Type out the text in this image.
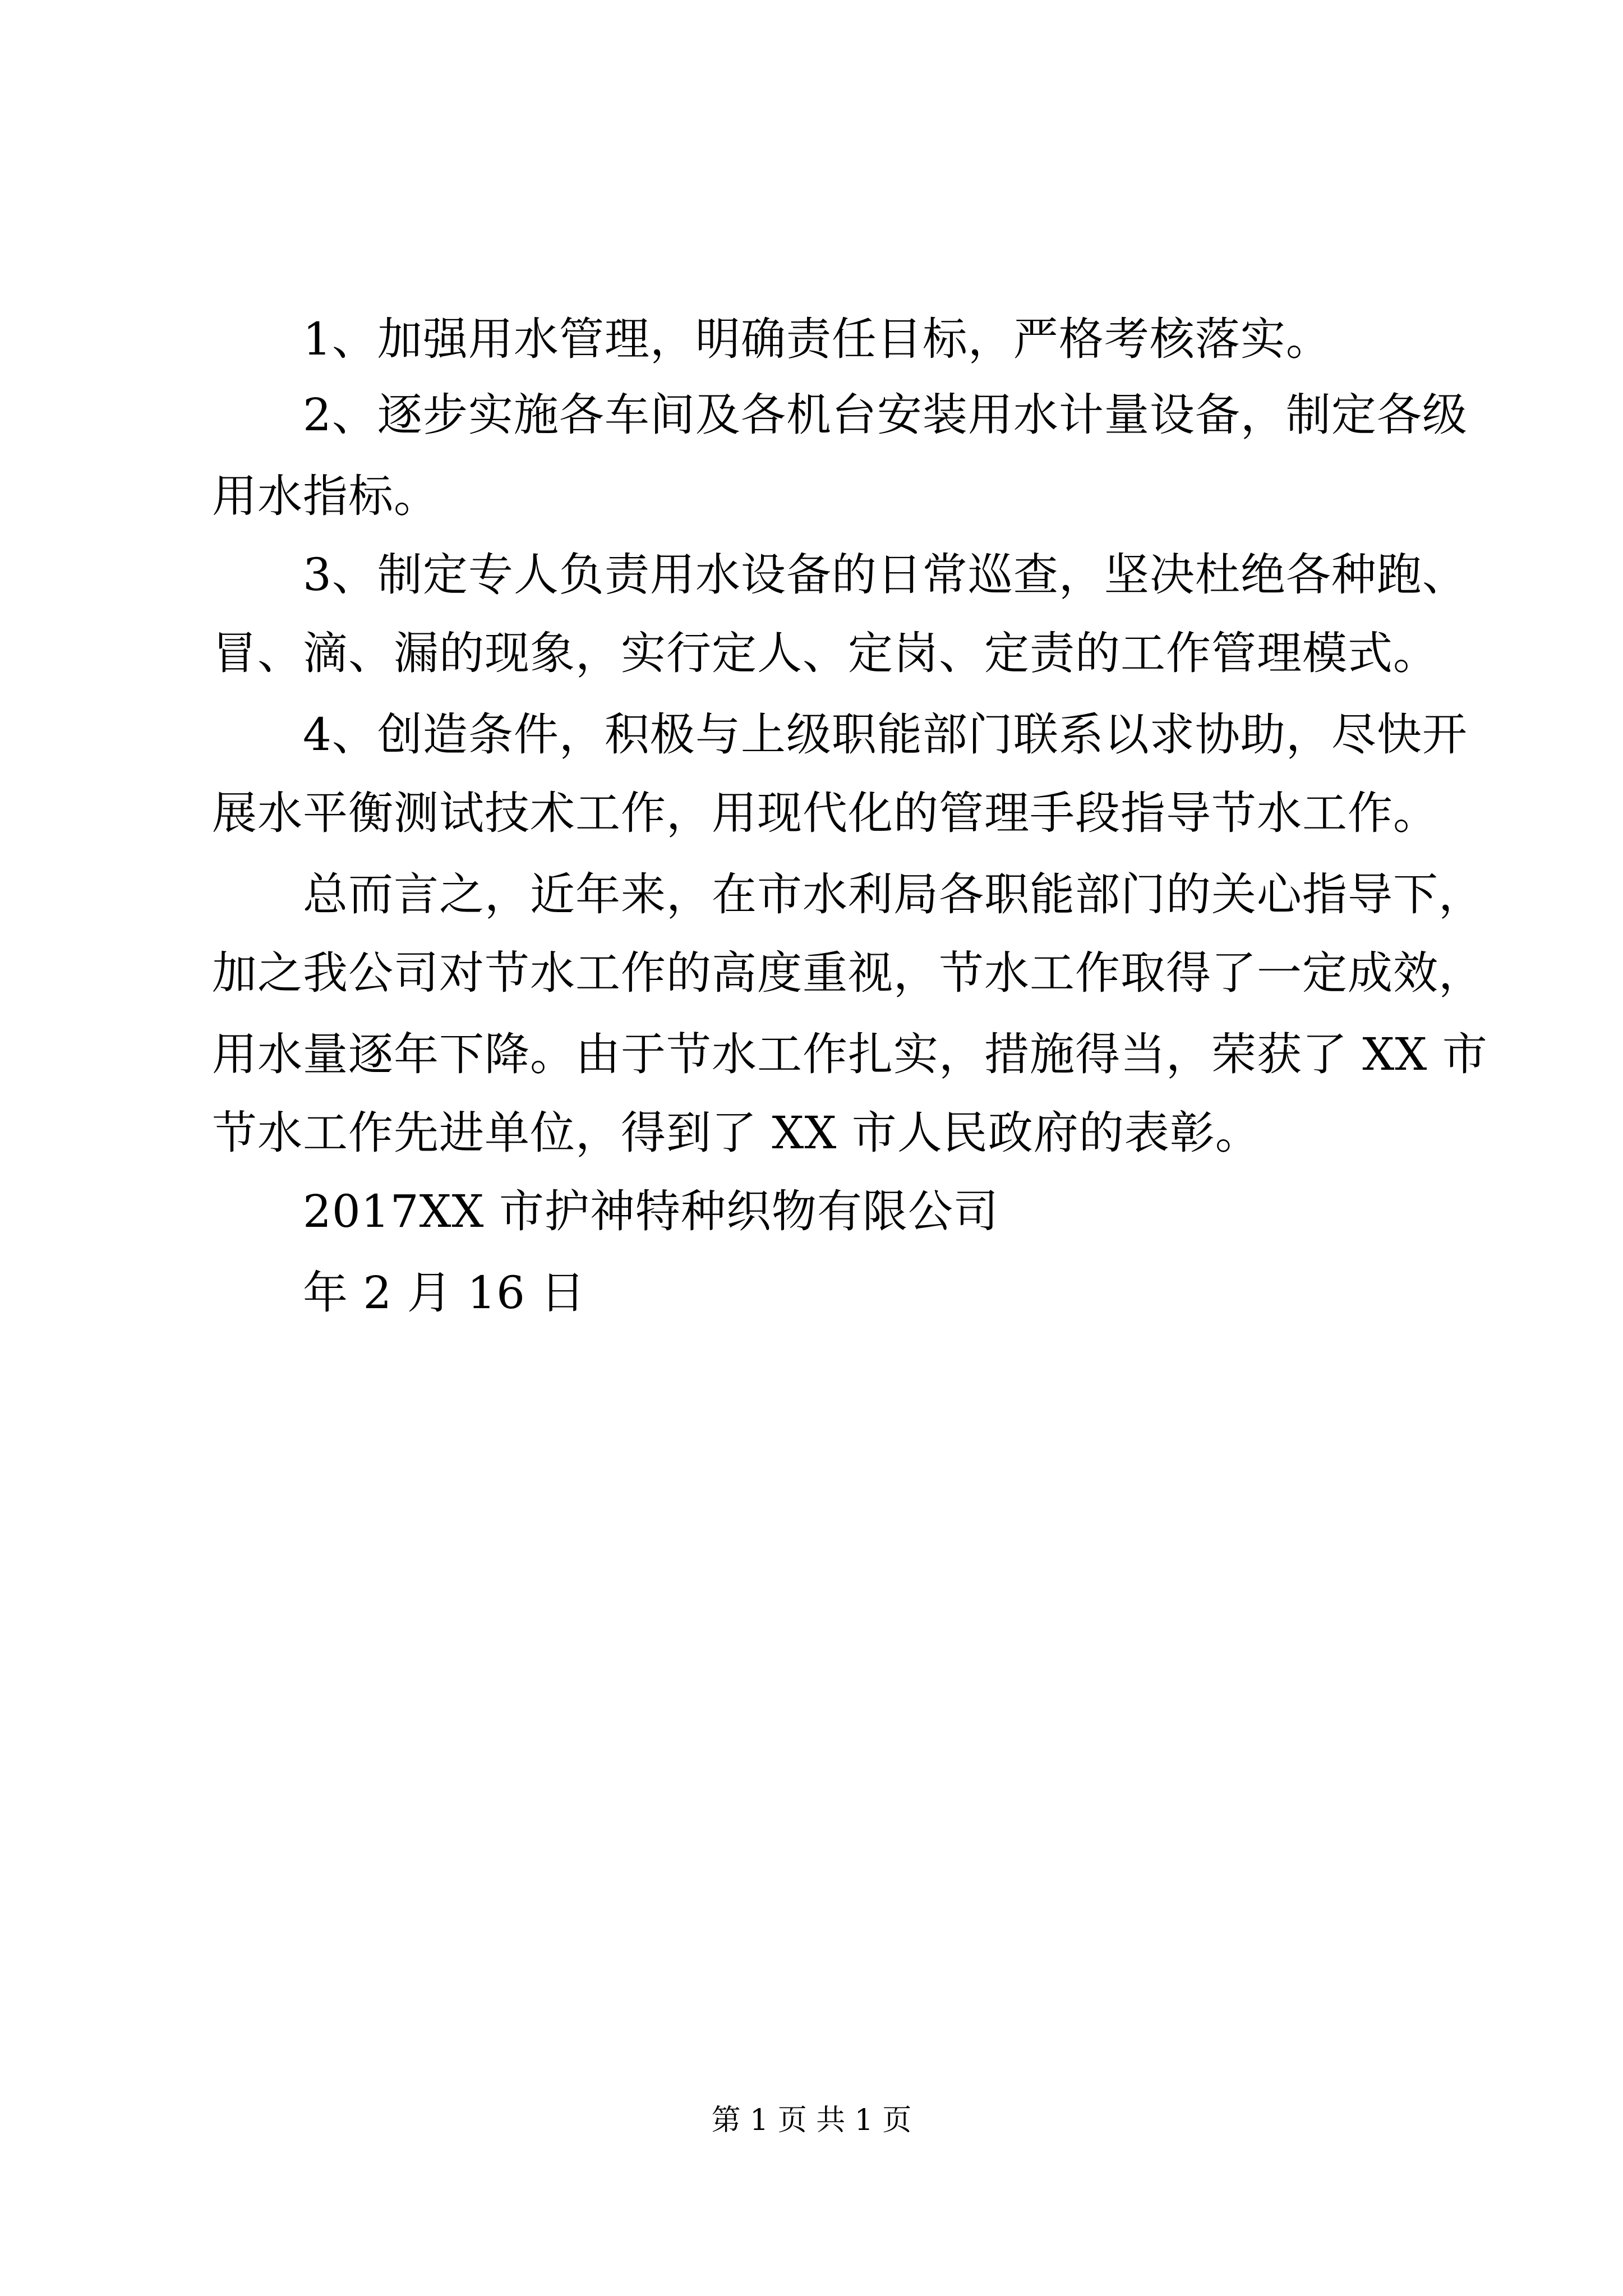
1、加强用水管理，明确责任目标，严格考核落实。
2、逐步实施各车间及各机台安装用水计量设备，制定各级
用水指标。
3、制定专人负责用水设备的日常巡查，坚决杜绝各种跑、
冒、滴、漏的现象，实行定人、定岗、定责的工作管理模式。
4、创造条件，积极与上级职能部门联系以求协助，尽快开
展水平衡测试技术工作，用现代化的管理手段指导节水工作。
总而言之，近年来，在市水利局各职能部门的关心指导下，
加之我公司对节水工作的高度重视，节水工作取得了一定成效，
用水量逐年下降。由于节水工作扎实，措施得当，荣获了 XX 市
节水工作先进单位，得到了 XX 市人民政府的表彰。
2017XX 市护神特种织物有限公司
年 2 月 16 日
第 1 页 共 1 页
